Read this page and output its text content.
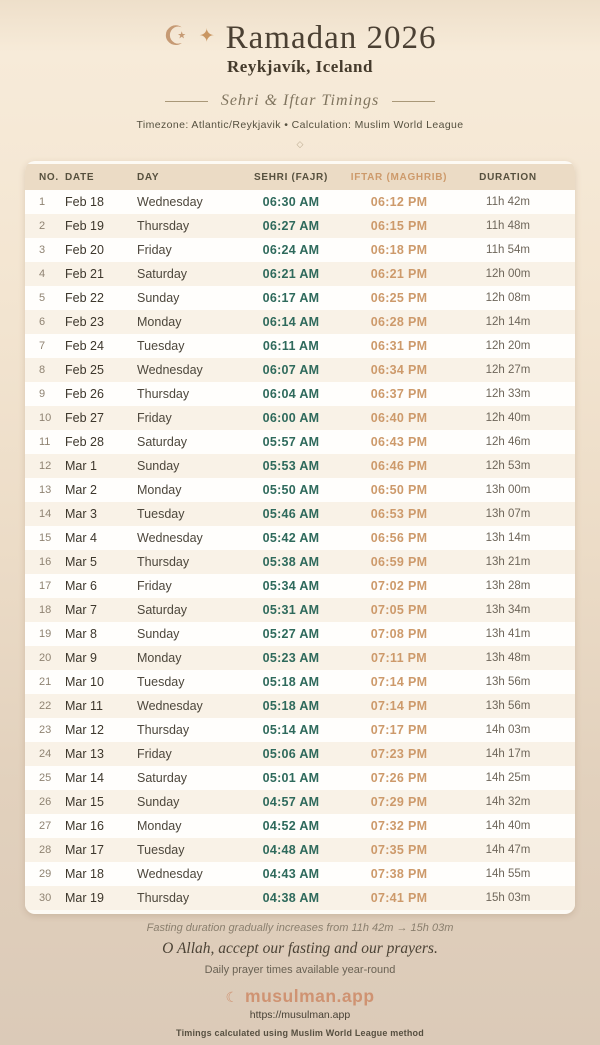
☪ ✦ Ramadan 2026
Reykjavík, Iceland
Sehri & Iftar Timings
Timezone: Atlantic/Reykjavik • Calculation: Muslim World League
◇
NO. DATE	DAY	SEHRI (FAJR)	IFTAR (MAGHRIB)	DURATION
1	Feb 18	Wednesday	06:30 AM	06:12 PM	11h 42m
2	Feb 19	Thursday	06:27 AM	06:15 PM	11h 48m
3	Feb 20	Friday	06:24 AM	06:18 PM	11h 54m
4	Feb 21	Saturday	06:21 AM	06:21 PM	12h 00m
5	Feb 22	Sunday	06:17 AM	06:25 PM	12h 08m
6	Feb 23	Monday	06:14 AM	06:28 PM	12h 14m
7	Feb 24	Tuesday	06:11 AM	06:31 PM	12h 20m
8	Feb 25	Wednesday	06:07 AM	06:34 PM	12h 27m
9	Feb 26	Thursday	06:04 AM	06:37 PM	12h 33m
10	Feb 27	Friday	06:00 AM	06:40 PM	12h 40m
11	Feb 28	Saturday	05:57 AM	06:43 PM	12h 46m
12	Mar 1	Sunday	05:53 AM	06:46 PM	12h 53m
13	Mar 2	Monday	05:50 AM	06:50 PM	13h 00m
14	Mar 3	Tuesday	05:46 AM	06:53 PM	13h 07m
15	Mar 4	Wednesday	05:42 AM	06:56 PM	13h 14m
16	Mar 5	Thursday	05:38 AM	06:59 PM	13h 21m
17	Mar 6	Friday	05:34 AM	07:02 PM	13h 28m
18	Mar 7	Saturday	05:31 AM	07:05 PM	13h 34m
19	Mar 8	Sunday	05:27 AM	07:08 PM	13h 41m
20	Mar 9	Monday	05:23 AM	07:11 PM	13h 48m
21	Mar 10	Tuesday	05:18 AM	07:14 PM	13h 56m
22	Mar 11	Wednesday	05:18 AM	07:14 PM	13h 56m
23	Mar 12	Thursday	05:14 AM	07:17 PM	14h 03m
24	Mar 13	Friday	05:06 AM	07:23 PM	14h 17m
25	Mar 14	Saturday	05:01 AM	07:26 PM	14h 25m
26	Mar 15	Sunday	04:57 AM	07:29 PM	14h 32m
27	Mar 16	Monday	04:52 AM	07:32 PM	14h 40m
28	Mar 17	Tuesday	04:48 AM	07:35 PM	14h 47m
29	Mar 18	Wednesday	04:43 AM	07:38 PM	14h 55m
30	Mar 19	Thursday	04:38 AM	07:41 PM	15h 03m
Fasting duration gradually increases from 11h 42m → 15h 03m
O Allah, accept our fasting and our prayers.
Daily prayer times available year-round
☾ musulman.app
https://musulman.app
Timings calculated using Muslim World League method
